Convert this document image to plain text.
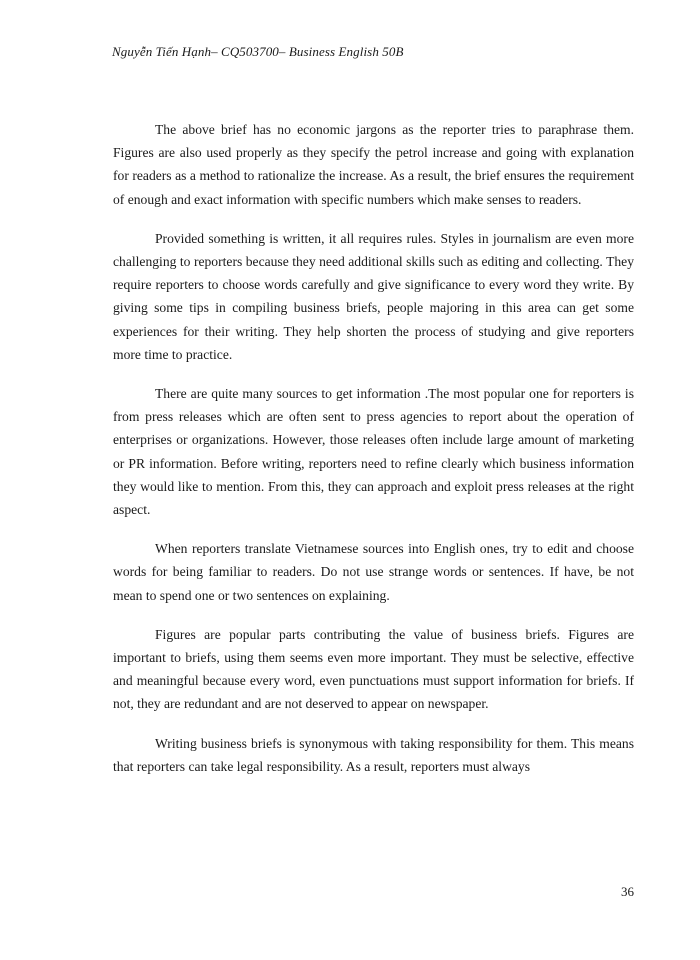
Nguyễn Tiến Hạnh– CQ503700– Business English 50B

The above brief has no economic jargons as the reporter tries to paraphrase them. Figures are also used properly as they specify the petrol increase and going with explanation for readers as a method to rationalize the increase. As a result, the brief ensures the requirement of enough and exact information with specific numbers which make senses to readers.

Provided something is written, it all requires rules. Styles in journalism are even more challenging to reporters because they need additional skills such as editing and collecting. They require reporters to choose words carefully and give significance to every word they write. By giving some tips in compiling business briefs, people majoring in this area can get some experiences for their writing. They help shorten the process of studying and give reporters more time to practice.

There are quite many sources to get information .The most popular one for reporters is from press releases which are often sent to press agencies to report about the operation of enterprises or organizations. However, those releases often include large amount of marketing or PR information. Before writing, reporters need to refine clearly which business information they would like to mention. From this, they can approach and exploit press releases at the right aspect.

When reporters translate Vietnamese sources into English ones, try to edit and choose words for being familiar to readers. Do not use strange words or sentences. If have, be not mean to spend one or two sentences on explaining.

Figures are popular parts contributing the value of business briefs. Figures are important to briefs, using them seems even more important. They must be selective, effective and meaningful because every word, even punctuations must support information for briefs. If not, they are redundant and are not deserved to appear on newspaper.

Writing business briefs is synonymous with taking responsibility for them. This means that reporters can take legal responsibility. As a result, reporters must always

36
